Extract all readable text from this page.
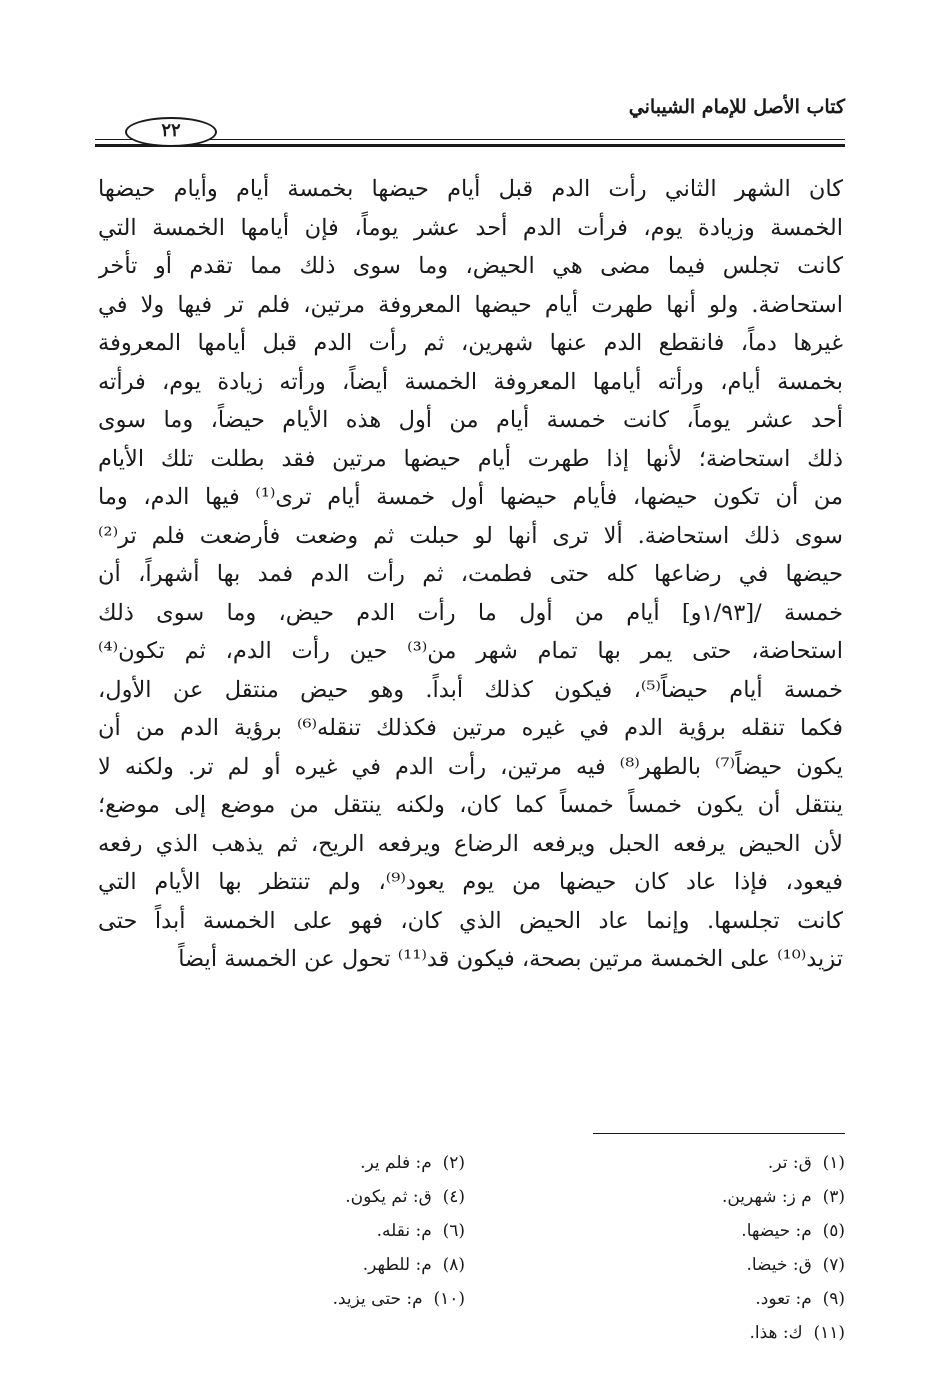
كتاب الأصل للإمام الشيباني
٢٢
كان الشهر الثاني رأت الدم قبل أيام حيضها بخمسة أيام وأيام حيضها
الخمسة وزيادة يوم، فرأت الدم أحد عشر يوماً، فإن أيامها الخمسة التي
كانت تجلس فيما مضى هي الحيض، وما سوى ذلك مما تقدم أو تأخر
استحاضة. ولو أنها طهرت أيام حيضها المعروفة مرتين، فلم تر فيها ولا في
غيرها دماً، فانقطع الدم عنها شهرين، ثم رأت الدم قبل أيامها المعروفة
بخمسة أيام، ورأته أيامها المعروفة الخمسة أيضاً، ورأته زيادة يوم، فرأته
أحد عشر يوماً، كانت خمسة أيام من أول هذه الأيام حيضاً، وما سوى
ذلك استحاضة؛ لأنها إذا طهرت أيام حيضها مرتين فقد بطلت تلك الأيام
من أن تكون حيضها، فأيام حيضها أول خمسة أيام ترى⁽¹⁾ فيها الدم، وما
سوى ذلك استحاضة. ألا ترى أنها لو حبلت ثم وضعت فأرضعت فلم تر⁽²⁾
حيضها في رضاعها كله حتى فطمت، ثم رأت الدم فمد بها أشهراً، أن
خمسة /[١/٩٣و] أيام من أول ما رأت الدم حيض، وما سوى ذلك
استحاضة، حتى يمر بها تمام شهر من⁽³⁾ حين رأت الدم، ثم تكون⁽⁴⁾
خمسة أيام حيضاً⁽⁵⁾، فيكون كذلك أبداً. وهو حيض منتقل عن الأول،
فكما تنقله برؤية الدم في غيره مرتين فكذلك تنقله⁽⁶⁾ برؤية الدم من أن
يكون حيضاً⁽⁷⁾ بالطهر⁽⁸⁾ فيه مرتين، رأت الدم في غيره أو لم تر. ولكنه لا
ينتقل أن يكون خمساً خمساً كما كان، ولكنه ينتقل من موضع إلى موضع؛
لأن الحيض يرفعه الحبل ويرفعه الرضاع ويرفعه الريح، ثم يذهب الذي رفعه
فيعود، فإذا عاد كان حيضها من يوم يعود⁽⁹⁾، ولم تنتظر بها الأيام التي
كانت تجلسها. وإنما عاد الحيض الذي كان، فهو على الخمسة أبداً حتى
تزيد⁽¹⁰⁾ على الخمسة مرتين بصحة، فيكون قد⁽¹¹⁾ تحول عن الخمسة أيضاً
(١)  ق: تر.
(٢)  م: فلم ير.
(٣)  م ز: شهرين.
(٤)  ق: ثم يكون.
(٥)  م: حيضها.
(٦)  م: نقله.
(٧)  ق: خيضا.
(٨)  م: للطهر.
(٩)  م: تعود.
(١٠)  م: حتى يزيد.
(١١)  ك: هذا.
